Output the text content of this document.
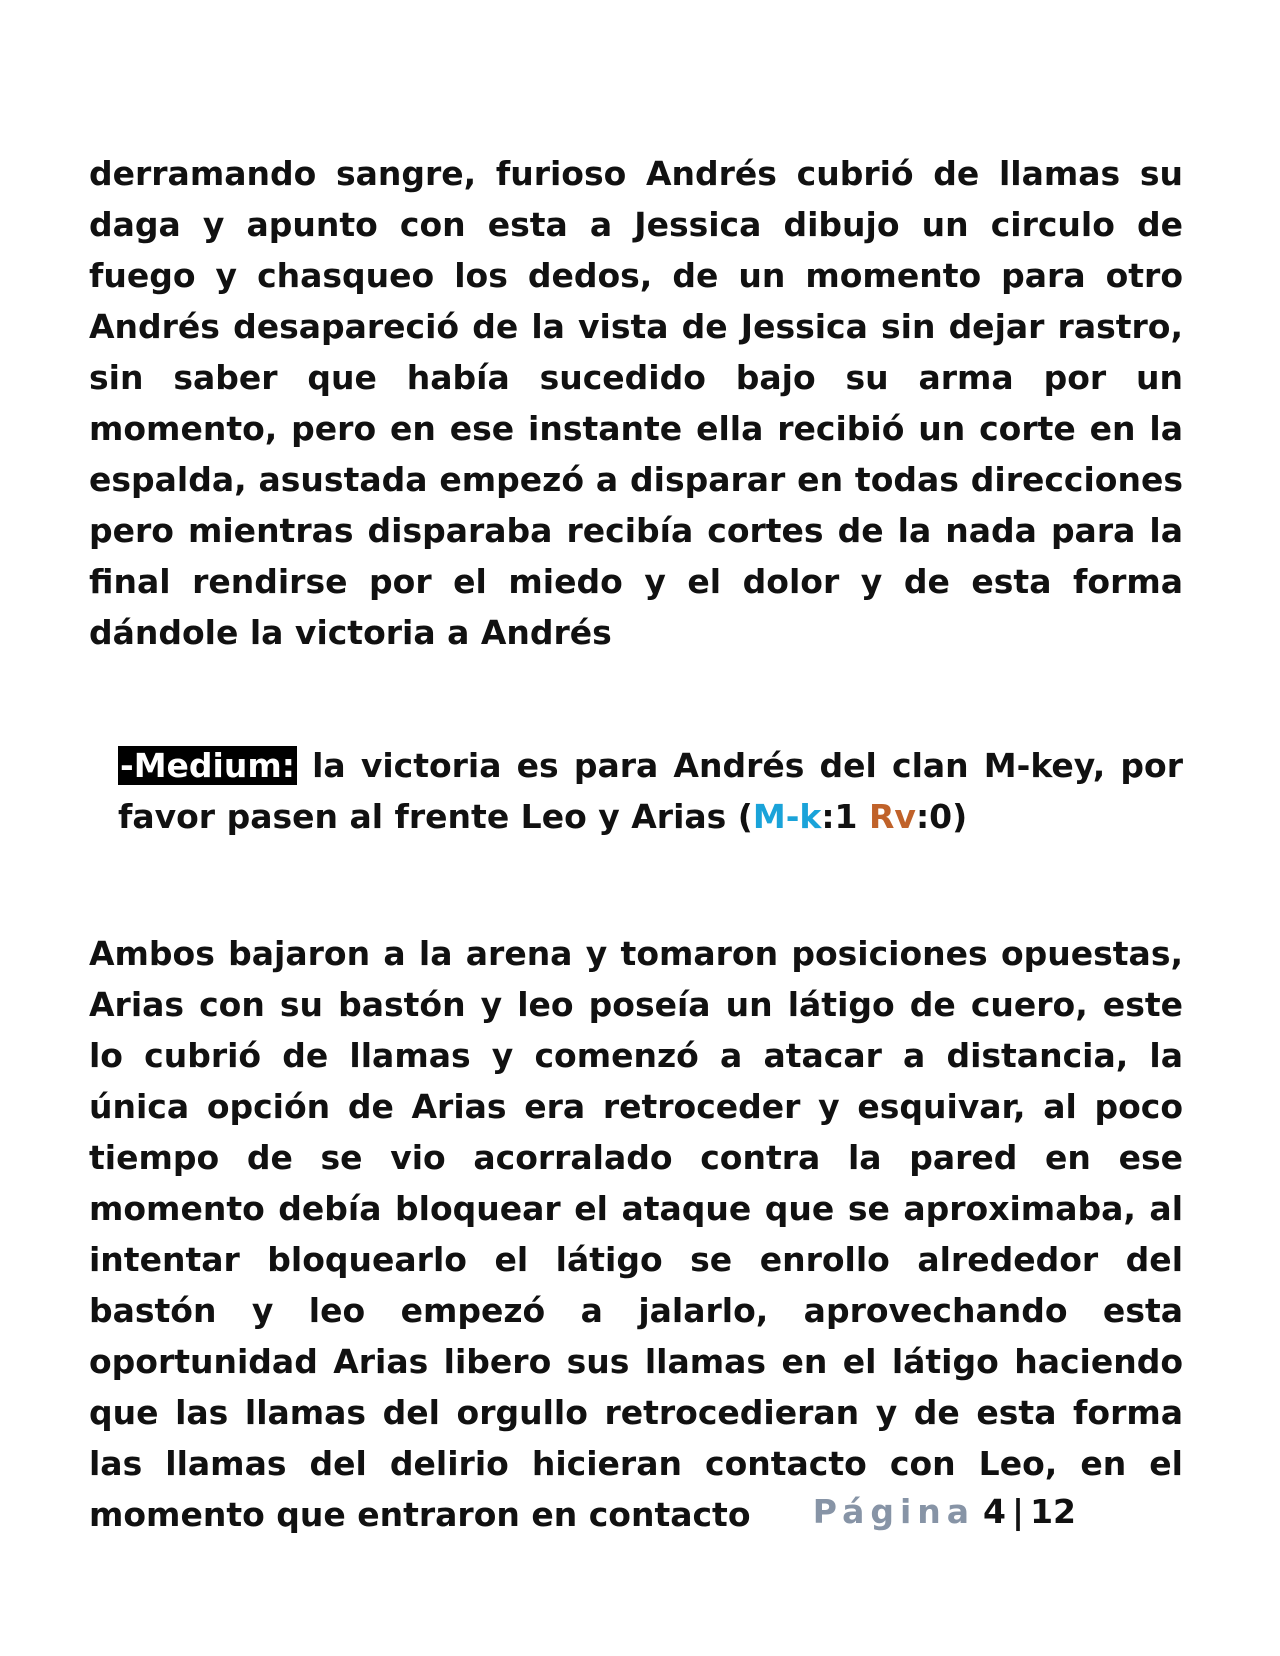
derramando sangre, furioso Andrés cubrió de llamas su daga y apunto con esta a Jessica dibujo un circulo de fuego y chasqueo los dedos, de un momento para otro Andrés desapareció de la vista de Jessica sin dejar rastro, sin saber que había sucedido bajo su arma por un momento, pero en ese instante ella recibió un corte en la espalda, asustada empezó a disparar en todas direcciones pero mientras disparaba recibía cortes de la nada para la final rendirse por el miedo y el dolor y de esta forma dándole la victoria a Andrés

-Medium: la victoria es para Andrés del clan M-key, por favor pasen al frente Leo y Arias (M-k:1 Rv:0)

Ambos bajaron a la arena y tomaron posiciones opuestas, Arias con su bastón y leo poseía un látigo de cuero, este lo cubrió de llamas y comenzó a atacar a distancia, la única opción de Arias era retroceder y esquivar, al poco tiempo de se vio acorralado contra la pared en ese momento debía bloquear el ataque que se aproximaba, al intentar bloquearlo el látigo se enrollo alrededor del bastón y leo empezó a jalarlo, aprovechando esta oportunidad Arias libero sus llamas en el látigo haciendo que las llamas del orgullo retrocedieran y de esta forma las llamas del delirio hicieran contacto con Leo, en el momento que entraron en contacto	Página 4 | 12
